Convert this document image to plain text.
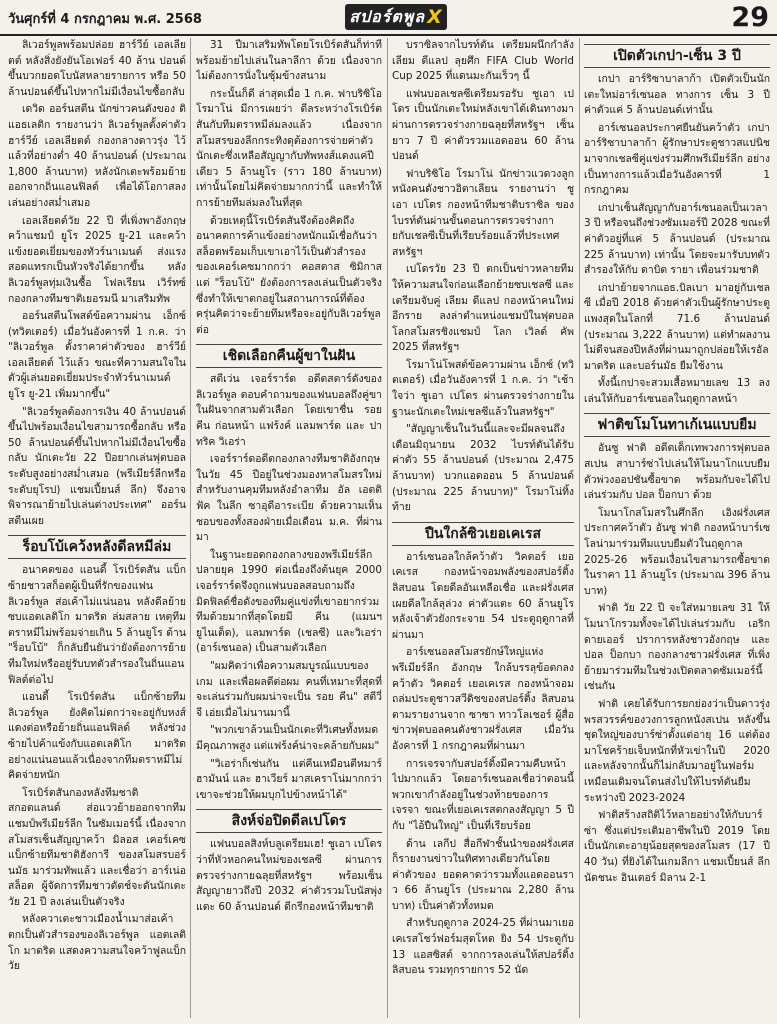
วันศุกร์ที่ 4 กรกฎาคม พ.ศ. 2568	สปอร์ตพูล X	29

ลิเวอร์พูลพร้อมปล่อย ฮาร์วีย์ เอลเลียตต์ หลังสิ่งยังยันโอเฟอร์ 40 ล้าน ปอนด์ขึ้นบวกยอดโบนัสหลายรายการ หรือ 50 ล้านปอนด์ขึ้นไปหากไม่มีเงื่อนไขซื้อกลับ

เดวิด ออร์นสตีน นักข่าวคนดังของ ดิ แอธเลติก รายงานว่า ลิเวอร์พูลตั้งค่าตัว ฮาร์วีย์ เอลเลียตต์ กองกลางดาวรุ่ง ไว้แล้วที่อย่างต่ำ 40 ล้านปอนด์ (ประมาณ 1,800 ล้านบาท) หลังนักเตะพร้อมย้ายออกจากถิ่นแอนฟิลด์ เพื่อได้โอกาสลงเล่นอย่างสม่ำเสมอ

เอลเลียตต์วัย 22 ปี ที่เพิ่งพาอังกฤษคว้าแชมป์ ยูโร 2025 ยู-21 และคว้าแข้งยอดเยี่ยมของทัวร์นาเมนต์ ส่งแรงสอดแทรกเป็นหัวจริงได้ยากขึ้น หลังลิเวอร์พูลทุ่มเงินซื้อ โฟลเรียน เวิร์ทซ์ กองกลางทีมชาติเยอรมนี มาเสริมทัพ

ออร์นสตีนโพสต์ข้อความผ่าน เอ็กซ์ (ทวิตเตอร์) เมื่อวันอังคารที่ 1 ก.ค. ว่า "ลิเวอร์พูล ตั้งราคาค่าตัวของ ฮาร์วีย์ เอลเลียตต์ ไว้แล้ว ขณะที่ความสนใจในตัวผู้เล่นยอดเยี่ยมประจำทัวร์นาเมนต์ ยูโร ยู-21 เพิ่มมากขึ้น"

"ลิเวอร์พูลต้องการเงิน 40 ล้านปอนด์ขึ้นไปพร้อมเงื่อนไขสามารถซื้อกลับ หรือ 50 ล้านปอนด์ขึ้นไปหากไม่มีเงื่อนไขซื้อกลับ นักเตะวัย 22 ปีอยากเล่นฟุตบอลระดับสูงอย่างสม่ำเสมอ (พรีเมียร์ลีกหรือระดับยุโรป) แชมเปี้ยนส์ ลีก) จึงอาจพิจารณาย้ายไปเล่นต่างประเทศ" ออร์นสตีนเผย

ร็อบโบ้เคว้งหลังดีลหมีล่ม

อนาคตของ แอนดี้ โรเบิร์ตสัน แบ็กซ้ายชาวสก็อตผู้เป็นที่รักของแฟนลิเวอร์พูล ส่อเค้าไม่แน่นอน หลังดีลย้ายซบแอตเลติโก มาดริด ล่มสลาย เหตุทีมตราหมีไม่พร้อมจ่ายเกิน 5 ล้านยูโร ด้าน "ร็อบโบ้" ก็กลับยืนยันว่ายังต้องการย้ายทีมใหม่หรืออยู่รับบทตัวสำรองในถิ่นแอนฟิลด์ต่อไป

แอนดี้ โรเบิร์ตสัน แบ็กซ้ายทีมลิเวอร์พูล ยังคิดไม่ตกว่าจะอยู่กับหงส์แดงต่อหรือย้ายถิ่นแอนฟิลด์ หลังช่วงซ้ายไปค้าแข้งกับแอตเลติโก มาดริด อย่างแน่นอนแล้วเนื่องจากทีมตราหมีไม่คิดจ่ายหนัก

โรเบิร์ตสันกองหลังทีมชาติสกอตแลนด์ ส่อแววย้ายออกจากทีมแชมป์พรีเมียร์ลีก ในซัมเมอร์นี้ เนื่องจากสโมสรเซ็นสัญญาคว้า มิลอส เคอร์เคซ แบ็กซ้ายทีมชาติฮังการี ของสโมสรบอร์นมัธ มาร่วมทัพแล้ว และเชื่อว่า อาร์เน่อ สล็อต ผู้จัดการทีมชาวดัตช์จะดันนักเตะวัย 21 ปี ลงเล่นเป็นตัวจริง

หลังควาเตะชาวเมืองน้ำเมาส่อเค้าตกเป็นตัวสำรองของลิเวอร์พูล แอตเลติโก มาดริด แสดงความสนใจคว้าฟูลแบ็กวัย

31 ปีมาเสริมทัพโดยโรเบิร์ตสันก็ท่าทีพร้อมย้ายไปเล่นในลาลีกา ด้วย เนื่องจากไม่ต้องการนั่งในซุ้มข้างสนาม

กระนั้นก็ดี ล่าสุดเมื่อ 1 ก.ค. ฟาบริซิโอ โรมาโน่ มีการเผยว่า ดีลระหว่างโรเบิร์ตสันกับทีมตราหมีล่มลงแล้ว เนื่องจากสโมสรของลีกกระทิงดุต้องการจ่ายค่าตัวนักเตะซึ่งเหลือสัญญากับทัพหงส์แดงแค่ปีเดียว 5 ล้านยูโร (ราว 180 ล้านบาท) เท่านั้นโดยไม่คิดจ่ายมากกว่านี้ และทำให้การย้ายทีมล่มลงในที่สุด

ด้วยเหตุนี้โรเบิร์ตสันจึงต้องคิดถึงอนาคตการค้าแข้งอย่างหนักแม้เชื่อกันว่าสล็อตพร้อมเก็บเขาเอาไว้เป็นตัวสำรองของเคอร์เคซมากกว่า คอสตาส ซิมิกาส แต่ "ร็อบโบ้" ยังต้องการลงเล่นเป็นตัวจริงซึ่งทำให้เขาตกอยู่ในสถานการณ์ที่ต้องครุ่นคิดว่าจะย้ายทีมหรือจะอยู่กับลิเวอร์พูลต่อ

เชิดเลือกคืนผู้ขาในฝัน

สตีเว่น เจอร์ราร์ด อดีตสตาร์ดังของลิเวอร์พูล ตอบคำถามของแฟนบอลถึงคู่ขาในฝันจากสามตัวเลือก โดยเขาชื่น รอย คีน ก่อนหน้า แฟร้งค์ แลมพาร์ด และ ปาทริค วิเอร่า

เจอร์ราร์ดอดีตกองกลางทีมชาติอังกฤษ ในวัย 45 ปีอยู่ในช่วงมองหาสโมสรใหม่สำหรับงานคุมทีมหลังอำลาทีม อัล เอตติฟัค ในลีก ซาอุดีอาระเบีย ด้วยความเห็นชอบของทั้งสองฝ่ายเมื่อเดือน ม.ค. ที่ผ่านมา

ในฐานะยอดกองกลางของพรีเมียร์ลีกปลายยุค 1990 ต่อเนื่องถึงต้นยุค 2000 เจอร์ราร์ดจึงถูกแฟนบอลสอบถามถึงมิดฟิลด์ชื่อดังของทีมคู่แข่งที่เขาอยากร่วมทีมด้วยมากที่สุดโดยมี คีน (แมนฯ ยูไนเต็ด), แลมพาร์ด (เชลซี) และวิเอร่า (อาร์เซนอล) เป็นสามตัวเลือก

"ผมคิดว่าเพื่อความสมบูรณ์แบบของเกม และเพื่อผลดีต่อผม คนที่เหมาะที่สุดที่จะเล่นร่วมกับผมน่าจะเป็น รอย คีน" สตีวี่ จี เอ่ยเมื่อไม่นานมานี้

"พวกเขาล้วนเป็นนักเตะที่วิเศษทั้งหมดมีคุณภาพสูง แต่แฟร้งค์น่าจะคล้ายกับผม"

"วิเอร่าก็เช่นกัน แต่คีนเหมือนตีหมาร์ ฮามันน์ และ ฮาเวียร์ มาสเคราโน่มากกว่า เขาจะช่วยให้ผมบุกไปข้างหน้าได้"

สิงห์จ่อปิดดีลเปโดร

แฟนบอลสิงห์บลูเตรียมเฮ! ชูเอา เปโดร ว่าที่หัวหอกคนใหม่ของเชลซี ผ่านการตรวจร่างกายฉลุยที่สหรัฐฯ พร้อมเซ็นสัญญายาวถึงปี 2032 ค่าตัวรวมโบนัสพุ่งแตะ 60 ล้านปอนด์ ดีกรีกองหน้าทีมชาติ

บราซิลจากไบรท์ตัน เตรียมผนึกกำลัง เลียม ดีแลป ลุยศึก FIFA Club World Cup 2025 ที่แดนมะกันเร็วๆ นี้

แฟนบอลเชลซีเตรียมรอรับ ชูเอา เปโดร เป็นนักเตะใหม่หลังเขาได้เดินทางมาผ่านการตรวจร่างกายฉลุยที่สหรัฐฯ เซ็นยาว 7 ปี ค่าตัวรวมแอดออน 60 ล้านปอนด์

ฟาบริซิโอ โรมาโน่ นักข่าวแวดวงลูกหนังคนดังชาวอิตาเลียน รายงานว่า ชูเอา เปโดร กองหน้าทีมชาติบราซิล ของไบรท์ตันผ่านขั้นตอนการตรวจร่างกายกับเชลซีเป็นที่เรียบร้อยแล้วที่ประเทศสหรัฐฯ

เปโดรวัย 23 ปี ตกเป็นข่าวหลายทีมให้ความสนใจก่อนเลือกย้ายซบเชลซี และเตรียมจับคู่ เลียม ดีแลป กองหน้าคนใหม่อีกราย ลงล่าตำแหน่งแชมป์ในฟุตบอลโลกสโมสรชิงแชมป์ โลก เวิลด์ คัพ 2025 ที่สหรัฐฯ

โรมาโน่โพสต์ข้อความผ่าน เอ็กซ์ (ทวิตเตอร์) เมื่อวันอังคารที่ 1 ก.ค. ว่า "เช้าใจว่า ชูเอา เปโดร ผ่านตรวจร่างกายในฐานะนักเตะใหม่เชลซีแล้วในสหรัฐฯ"

"สัญญาเซ็นในวันนี้และจะมีผลจนถึงเดือนมิถุนายน 2032 ไบรท์ตันได้รับค่าตัว 55 ล้านปอนด์ (ประมาณ 2,475 ล้านบาท) บวกแอดออน 5 ล้านปอนด์ (ประมาณ 225 ล้านบาท)" โรมาโน่ทิ้งท้าย

ปืนใกล้ซิวเยอเคเรส

อาร์เซนอลใกล้คว้าตัว วิคตอร์ เยอเคเรส กองหน้าจอมพลังของสปอร์ติ้ง ลิสบอน โดยดีลอันเหลือเชื่อ และฝรั่งเศส เผยดีลใกล้ลุล่วง ค่าตัวแตะ 60 ล้านยูโร หลังเจ้าตัวยังกระจาย 54 ประตูฤดูกาลที่ผ่านมา

อาร์เซนอลสโมสรยักษ์ใหญ่แห่งพรีเมียร์ลีก อังกฤษ ใกล้บรรลุข้อตกลงคว้าตัว วิคตอร์ เยอเคเรส กองหน้าจอมถล่มประตูชาวสวีดิชของสปอร์ติ้ง ลิสบอน ตามรายงานจาก ซาซา ทาวโลเชอร์ ผู้สื่อข่าวฟุตบอลคนดังชาวฝรั่งเศส เมื่อวันอังคารที่ 1 กรกฎาคมที่ผ่านมา

การเจรจากับสปอร์ติ้งมีความคืบหน้าไปมากแล้ว โดยอาร์เซนอลเชื่อว่าตอนนี้พวกเขากำลังอยู่ในช่วงท้ายของการเจรจา ขณะที่เยอเคเรสตกลงสัญญา 5 ปีกับ "ไอ้ปืนใหญ่" เป็นที่เรียบร้อย

ด้าน เลกีป สื่อกีฬาชั้นนำของฝรั่งเศส ก็รายงานข่าวในทิศทางเดียวกันโดยค่าตัวของ ยอดคาดว่ารวมทั้งแอดออนราว 66 ล้านยูโร (ประมาณ 2,280 ล้านบาท) เป็นค่าตัวทั้งหมด

สำหรับฤดูกาล 2024-25 ที่ผ่านมาเยอเคเรสโชว์ฟอร์มสุดโหด ยิง 54 ประตูกับ 13 แอสซิสต์ จากการลงเล่นให้สปอร์ติ้งลิสบอน รวมทุกรายการ 52 นัด

เปิดตัวเกปา-เซ็น 3 ปี

เกปา อาร์ริซาบาลาก้า เปิดตัวเป็นนักเตะใหม่อาร์เซนอล ทางการ เซ็น 3 ปี ค่าตัวแค่ 5 ล้านปอนด์เท่านั้น

อาร์เซนอลประกาศยืนยันคว้าตัว เกปา อาร์ริซาบาลาก้า ผู้รักษาประตูชาวสแปนิช มาจากเชลซีคู่แข่งร่วมศึกพรีเมียร์ลีก อย่างเป็นทางการแล้วเมื่อวันอังคารที่ 1 กรกฎาคม

เกปาเซ็นสัญญากับอาร์เซนอลเป็นเวลา 3 ปี หรือจนถึงช่วงซัมเมอร์ปี 2028 ขณะที่ค่าตัวอยู่ที่แค่ 5 ล้านปอนด์ (ประมาณ 225 ล้านบาท) เท่านั้น โดยจะมารับบทตัวสำรองให้กับ ดาบิด รายา เพื่อนร่วมชาติ

เกปาย้ายจากแอธ.บิลเบา มาอยู่กับเชลซี เมื่อปี 2018 ด้วยค่าตัวเป็นผู้รักษาประตูแพงสุดในโลกที่ 71.6 ล้านปอนด์ (ประมาณ 3,222 ล้านบาท) แต่ทำผลงานไม่ดีจนสองปีหลังที่ผ่านมาถูกปล่อยให้เรอัล มาดริด และบอร์นมัธ ยืมใช้งาน

ทั้งนี้เกปาจะสวมเสื้อหมายเลข 13 ลงเล่นให้กับอาร์เซนอลในฤดูกาลหน้า

ฟาติขโมโนทาเก้เนแบบยืม

อันซู ฟาติ อดีตเด็กเทพวงการฟุตบอลสเปน สาบาร์ซ่าไปเล่นให้โมนาโกแบบยืมตัวพ่วงออปชันซื้อขาด พร้อมกับจะได้ไปเล่นร่วมกับ ปอล ป็อกบา ด้วย

โมนาโกสโมสรในศึกลีก เอิงฝรั่งเศส ประกาศคว้าตัว อันซู ฟาติ กองหน้าบาร์เซโลน่ามาร่วมทีมแบบยืมตัวในฤดูกาล 2025-26 พร้อมเงื่อนไขสามารถซื้อขาดในราคา 11 ล้านยูโร (ประมาณ 396 ล้านบาท)

ฟาติ วัย 22 ปี จะใส่หมายเลข 31 ให้โมนาโกรวมทั้งจะได้ไปเล่นร่วมกับ เอริก ดายเออร์ ปราการหลังชาวอังกฤษ และ ปอล ป็อกบา กองกลางชาวฝรั่งเศส ที่เพิ่งย้ายมาร่วมทีมในช่วงเปิดตลาดซัมเมอร์นี้เช่นกัน

ฟาติ เคยได้รับการยกย่องว่าเป็นดาวรุ่งพรสวรรค์ของวงการลูกหนังสเปน หลังขึ้นชุดใหญ่ของบาร์ซ่าตั้งแต่อายุ 16 แต่ต้องมาโชคร้ายเจ็บหนักที่หัวเข่าในปี 2020 และหลังจากนั้นก็ไม่กลับมาอยู่ในฟอร์มเหมือนเดิมจนโดนส่งไปให้ไบรท์ตันยืมระหว่างปี 2023-2024

ฟาติสร้างสถิติไว้หลายอย่างให้กับบาร์ซ่า ซึ่งแต่ประเดิมอาชีพในปี 2019 โดยเป็นนักเตะอายุน้อยสุดของสโมสร (17 ปี 40 วัน) ที่ยิงได้ในเกมลีกา แชมเปี้ยนส์ ลีก นัดชนะ อินเตอร์ มิลาน 2-1
